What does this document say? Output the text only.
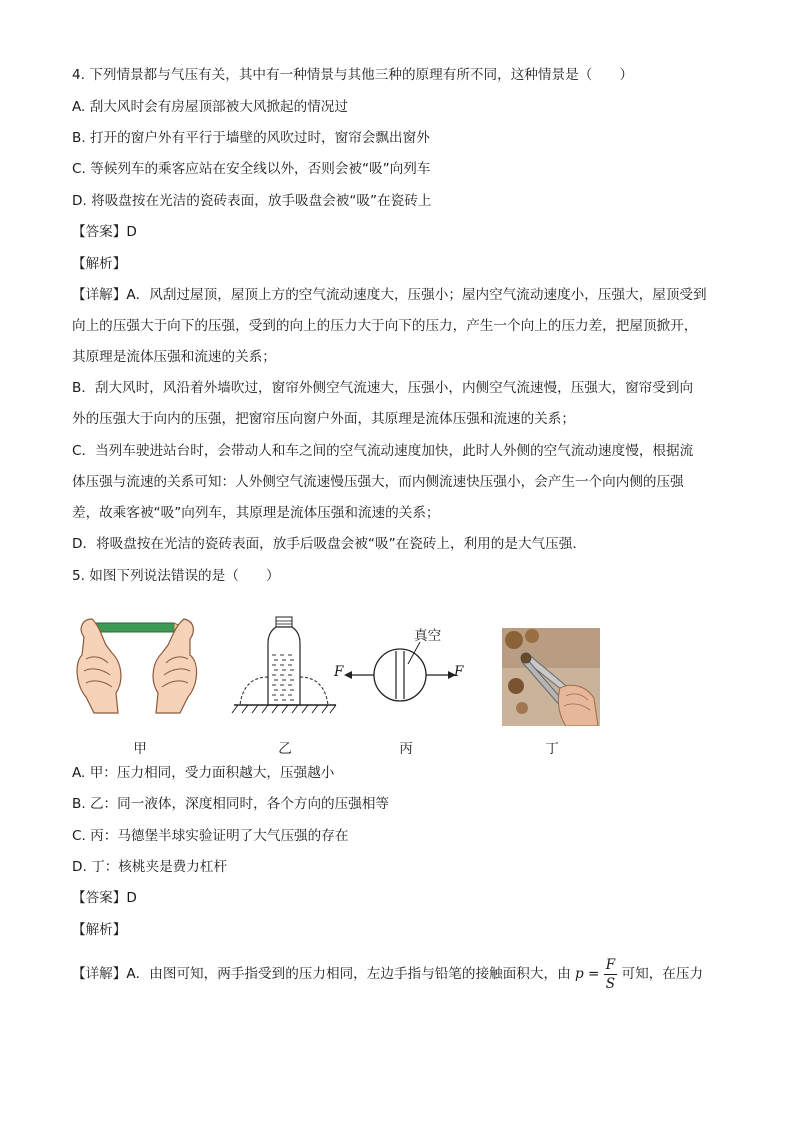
4. 下列情景都与气压有关，其中有一种情景与其他三种的原理有所不同，这种情景是（　　）
A. 刮大风时会有房屋顶部被大风掀起的情况过
B. 打开的窗户外有平行于墙壁的风吹过时，窗帘会飘出窗外
C. 等候列车的乘客应站在安全线以外，否则会被“吸”向列车
D. 将吸盘按在光洁的瓷砖表面，放手吸盘会被“吸”在瓷砖上
【答案】D
【解析】
【详解】A．风刮过屋顶，屋顶上方的空气流动速度大，压强小；屋内空气流动速度小，压强大，屋顶受到
向上的压强大于向下的压强，受到的向上的压力大于向下的压力，产生一个向上的压力差，把屋顶掀开，
其原理是流体压强和流速的关系；
B．刮大风时，风沿着外墙吹过，窗帘外侧空气流速大，压强小，内侧空气流速慢，压强大，窗帘受到向
外的压强大于向内的压强，把窗帘压向窗户外面，其原理是流体压强和流速的关系；
C．当列车驶进站台时，会带动人和车之间的空气流动速度加快，此时人外侧的空气流动速度慢，根据流
体压强与流速的关系可知：人外侧空气流速慢压强大，而内侧流速快压强小，会产生一个向内侧的压强
差，故乘客被“吸”向列车，其原理是流体压强和流速的关系；
D．将吸盘按在光洁的瓷砖表面，放手后吸盘会被“吸”在瓷砖上，利用的是大气压强．
5. 如图下列说法错误的是（　　）
真空
F	F
甲	乙	丙	丁
A. 甲：压力相同，受力面积越大，压强越小
B. 乙：同一液体，深度相同时，各个方向的压强相等
C. 丙：马德堡半球实验证明了大气压强的存在
D. 丁：核桃夹是费力杠杆
【答案】D
【解析】
【详解】A．由图可知，两手指受到的压力相同，左边手指与铅笔的接触面积大，由 $p = \frac{F}{S}$ 可知，在压力
